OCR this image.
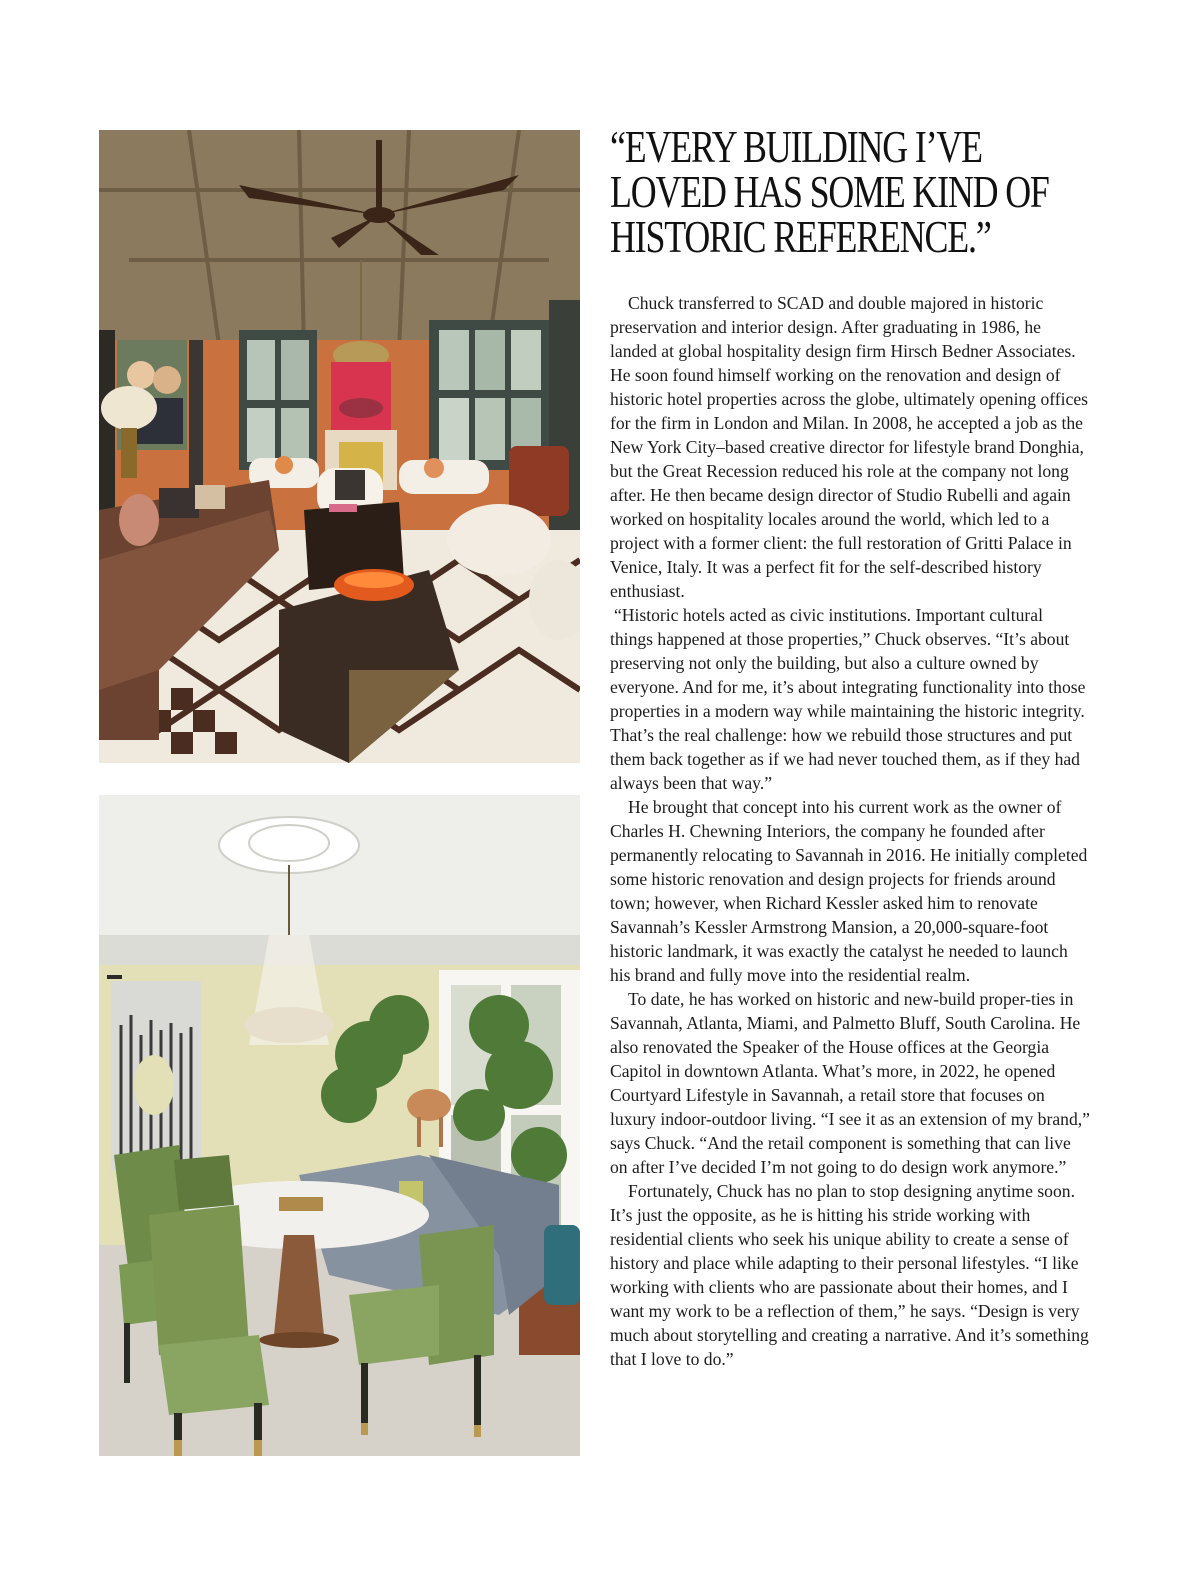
“EVERY BUILDING I’VE LOVED HAS SOME KIND OF HISTORIC REFERENCE.”

Chuck transferred to SCAD and double majored in historic preservation and interior design. After graduating in 1986, he landed at global hospitality design firm Hirsch Bedner Associates. He soon found himself working on the renovation and design of historic hotel properties across the globe, ultimately opening offices for the firm in London and Milan. In 2008, he accepted a job as the New York City–based creative director for lifestyle brand Donghia, but the Great Recession reduced his role at the company not long after. He then became design director of Studio Rubelli and again worked on hospitality locales around the world, which led to a project with a former client: the full restoration of Gritti Palace in Venice, Italy. It was a perfect fit for the self-described history enthusiast.

“Historic hotels acted as civic institutions. Important cultural things happened at those properties,” Chuck observes. “It’s about preserving not only the building, but also a culture owned by everyone. And for me, it’s about integrating functionality into those properties in a modern way while maintaining the historic integrity. That’s the real challenge: how we rebuild those structures and put them back together as if we had never touched them, as if they had always been that way.”

He brought that concept into his current work as the owner of Charles H. Chewning Interiors, the company he founded after permanently relocating to Savannah in 2016. He initially completed some historic renovation and design projects for friends around town; however, when Richard Kessler asked him to renovate Savannah’s Kessler Armstrong Mansion, a 20,000-square-foot historic landmark, it was exactly the catalyst he needed to launch his brand and fully move into the residential realm.

To date, he has worked on historic and new-build proper-ties in Savannah, Atlanta, Miami, and Palmetto Bluff, South Carolina. He also renovated the Speaker of the House offices at the Georgia Capitol in downtown Atlanta. What’s more, in 2022, he opened Courtyard Lifestyle in Savannah, a retail store that focuses on luxury indoor-outdoor living. “I see it as an extension of my brand,” says Chuck. “And the retail component is something that can live on after I’ve decided I’m not going to do design work anymore.”

Fortunately, Chuck has no plan to stop designing anytime soon. It’s just the opposite, as he is hitting his stride working with residential clients who seek his unique ability to create a sense of history and place while adapting to their personal lifestyles. “I like working with clients who are passionate about their homes, and I want my work to be a reflection of them,” he says. “Design is very much about storytelling and creating a narrative. And it’s something that I love to do.”
